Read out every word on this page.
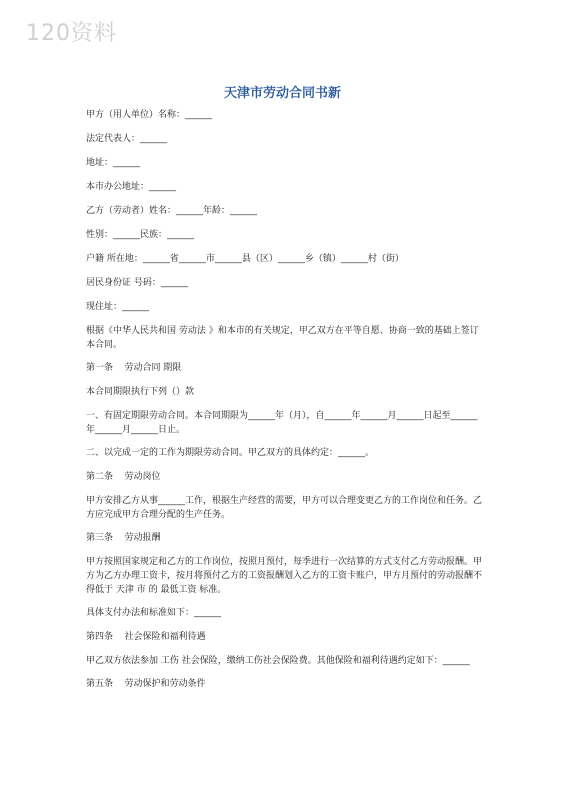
120资料
天津市劳动合同书新

甲方（用人单位）名称：______

法定代表人：______

地址：______

本市办公地址：______

乙方（劳动者）姓名：______年龄：______

性别：______民族：______

户籍 所在地：______省______市______县（区）______乡（镇）______村（街）

居民身份证 号码：______

现住址：______

根据《中华人民共和国 劳动法 》和本市的有关规定，甲乙双方在平等自愿、协商一致的基础上签订本合同。

第一条    劳动合同 期限

本合同期限执行下列（）款

一、有固定期限劳动合同。本合同期限为______年（月），自______年______月______日起至______年______月______日止。

二、以完成一定的工作为期限劳动合同。甲乙双方的具体约定：______。

第二条    劳动岗位

甲方安排乙方从事______工作，根据生产经营的需要，甲方可以合理变更乙方的工作岗位和任务。乙方应完成甲方合理分配的生产任务。

第三条    劳动报酬

甲方按照国家规定和乙方的工作岗位，按照月预付，每季进行一次结算的方式支付乙方劳动报酬。甲方为乙方办理工资卡，按月将预付乙方的工资报酬划入乙方的工资卡账户，甲方月预付的劳动报酬不得低于 天津 市 的 最低工资 标准。

具体支付办法和标准如下：______

第四条    社会保险和福利待遇

甲乙双方依法参加 工伤 社会保险，缴纳工伤社会保险费。其他保险和福利待遇约定如下：______

第五条    劳动保护和劳动条件
